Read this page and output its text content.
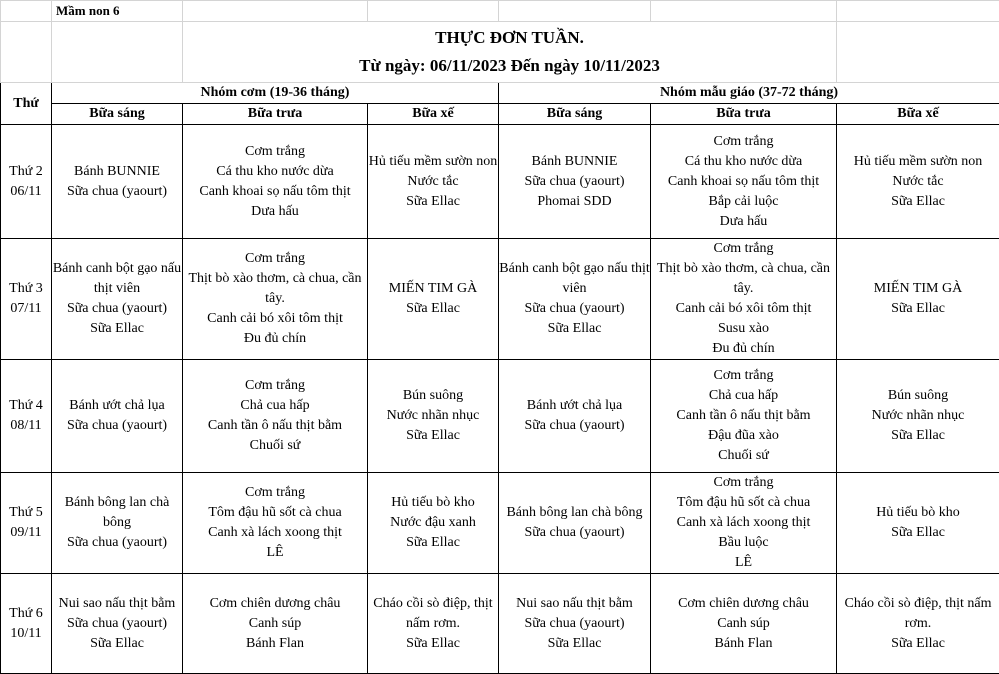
	Mầm non 6					

		THỰC ĐƠN TUẦN.
Từ ngày: 06/11/2023 Đến ngày 10/11/2023				

Thứ	Nhóm cơm (19-36 tháng)			Nhóm mẫu giáo (37-72 tháng)		
	Bữa sáng	Bữa trưa	Bữa xế	Bữa sáng	Bữa trưa	Bữa xế

Thứ 2
06/11	Bánh BUNNIE
Sữa chua (yaourt)	Cơm trắng
Cá thu kho nước dừa
Canh khoai sọ nấu tôm thịt
Dưa hấu	Hủ tiếu mềm sườn non
Nước tắc
Sữa Ellac	Bánh BUNNIE
Sữa chua (yaourt)
Phomai SDD	Cơm trắng
Cá thu kho nước dừa
Canh khoai sọ nấu tôm thịt
Bắp cải luộc
Dưa hấu	Hủ tiếu mềm sườn non
Nước tắc
Sữa Ellac

Thứ 3
07/11	Bánh canh bột gạo nấu thịt viên
Sữa chua (yaourt)
Sữa Ellac	Cơm trắng
Thịt bò xào thơm, cà chua, cần tây.
Canh cải bó xôi tôm thịt
Đu đủ chín	MIẾN TIM GÀ
Sữa Ellac	Bánh canh bột gạo nấu thịt viên
Sữa chua (yaourt)
Sữa Ellac	Cơm trắng
Thịt bò xào thơm, cà chua, cần tây.
Canh cải bó xôi tôm thịt
Susu xào
Đu đủ chín	MIẾN TIM GÀ
Sữa Ellac

Thứ 4
08/11	Bánh ướt chả lụa
Sữa chua (yaourt)	Cơm trắng
Chả cua hấp
Canh tần ô nấu thịt bằm
Chuối sứ	Bún suông
Nước nhãn nhục
Sữa Ellac	Bánh ướt chả lụa
Sữa chua (yaourt)	Cơm trắng
Chả cua hấp
Canh tần ô nấu thịt bằm
Đậu đũa xào
Chuối sứ	Bún suông
Nước nhãn nhục
Sữa Ellac

Thứ 5
09/11	Bánh bông lan chà bông
Sữa chua (yaourt)	Cơm trắng
Tôm đậu hũ sốt cà chua
Canh xà lách xoong thịt
LÊ	Hủ tiếu bò kho
Nước đậu xanh
Sữa Ellac	Bánh bông lan chà bông
Sữa chua (yaourt)	Cơm trắng
Tôm đậu hũ sốt cà chua
Canh xà lách xoong thịt
Bầu luộc
LÊ	Hủ tiếu bò kho
Sữa Ellac

Thứ 6
10/11	Nui sao nấu thịt bằm
Sữa chua (yaourt)
Sữa Ellac	Cơm chiên dương châu
Canh súp
Bánh Flan	Cháo cồi sò điệp, thịt nấm rơm.
Sữa Ellac	Nui sao nấu thịt bằm
Sữa chua (yaourt)
Sữa Ellac	Cơm chiên dương châu
Canh súp
Bánh Flan	Cháo cồi sò điệp, thịt nấm rơm.
Sữa Ellac
